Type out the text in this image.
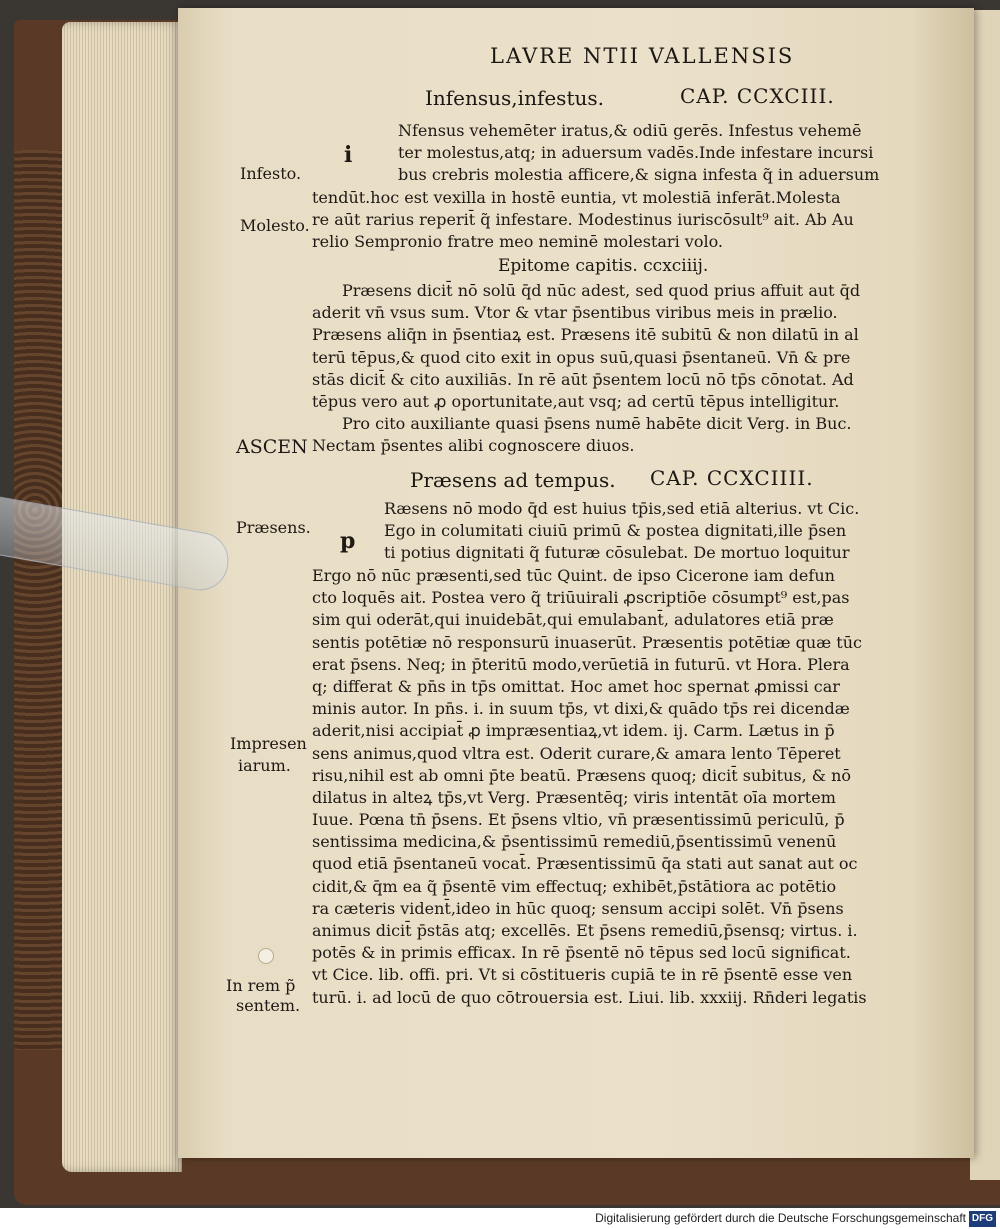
LAVRE NTII VALLENSIS
Infensus,infestus.	CAP. CCXCIII.
i
Infesto.
Molesto.
Nfensus vehemēter iratus,& odiū gerēs. Infestus vehemē
ter molestus,atq; in aduersum vadēs.Inde infestare incursi
bus crebris molestia afficere,& signa infesta q̃ in aduersum
tendūt.hoc est vexilla in hostē euntia, vt molestiā inferāt.Molesta
re aūt rarius reperit̄ q̃ infestare. Modestinus iuriscōsult⁹ ait. Ab Au
relio Sempronio fratre meo neminē molestari volo.
Epitome capitis. ccxciiij.
Præsens dicit̄ nō solū q̄d nūc adest, sed quod prius affuit aut q̄d
aderit vn̄ vsus sum. Vtor & vtar p̄sentibus viribus meis in prælio.
Præsens aliq̄n in p̄sentiaꝝ est. Præsens itē subitū & non dilatū in al
terū tēpus,& quod cito exit in opus suū,quasi p̄sentaneū. Vn̄ & pre
stās dicit̄ & cito auxiliās. In rē aūt p̄sentem locū nō tp̄s cōnotat. Ad
tēpus vero aut ꝓ oportunitate,aut vsq; ad certū tēpus intelligitur.
Pro cito auxiliante quasi p̄sens numē habēte dicit Verg. in Buc.
Nectam p̄sentes alibi cognoscere diuos.
ASCEN
Præsens ad tempus. CAP. CCXCIIII.
Præsens.
p
Ræsens nō modo q̄d est huius tp̄is,sed etiā alterius. vt Cic.
Ego in columitati ciuiū primū & postea dignitati,ille p̄sen
ti potius dignitati q̃ futuræ cōsulebat. De mortuo loquitur
Ergo nō nūc præsenti,sed tūc Quint. de ipso Cicerone iam defun
cto loquēs ait. Postea vero q̃ triūuirali ꝓscriptiōe cōsumpt⁹ est,pas
sim qui oderāt,qui inuidebāt,qui emulabant̄, adulatores etiā præ
sentis potētiæ nō responsurū inuaserūt. Præsentis potētiæ quæ tūc
erat p̄sens. Neq; in p̄teritū modo,verūetiā in futurū. vt Hora. Plera
q; differat & pn̄s in tp̄s omittat. Hoc amet hoc spernat ꝓmissi car
minis autor. In pn̄s. i. in suum tp̄s, vt dixi,& quādo tp̄s rei dicendæ
aderit,nisi accipiat̄ ꝓ impræsentiaꝝ,vt idem. ij. Carm. Lætus in p̄
sens animus,quod vltra est. Oderit curare,& amara lento Tēperet
risu,nihil est ab omni p̄te beatū. Præsens quoq; dicit̄ subitus, & nō
dilatus in alteꝝ tp̄s,vt Verg. Præsentēq; viris intentāt oīa mortem
Iuue. Pœna tn̄ p̄sens. Et p̄sens vltio, vn̄ præsentissimū periculū, p̄
sentissima medicina,& p̄sentissimū remediū,p̄sentissimū venenū
quod etiā p̄sentaneū vocat̄. Præsentissimū q̄a stati aut sanat aut oc
cidit,& q̄m ea q̃ p̄sentē vim effectuq; exhibēt,p̄stātiora ac potētio
ra cæteris vident̄,ideo in hūc quoq; sensum accipi solēt. Vn̄ p̄sens
animus dicit̄ p̄stās atq; excellēs. Et p̄sens remediū,p̄sensq; virtus. i.
potēs & in primis efficax. In rē p̄sentē nō tēpus sed locū significat.
vt Cice. lib. offi. pri. Vt si cōstitueris cupiā te in rē p̄sentē esse ven
turū. i. ad locū de quo cōtrouersia est. Liui. lib. xxxiij. Rn̄deri legatis
Impresen
iarum.
In rem p̃
sentem.
Digitalisierung gefördert durch die Deutsche Forschungsgemeinschaft DFG
